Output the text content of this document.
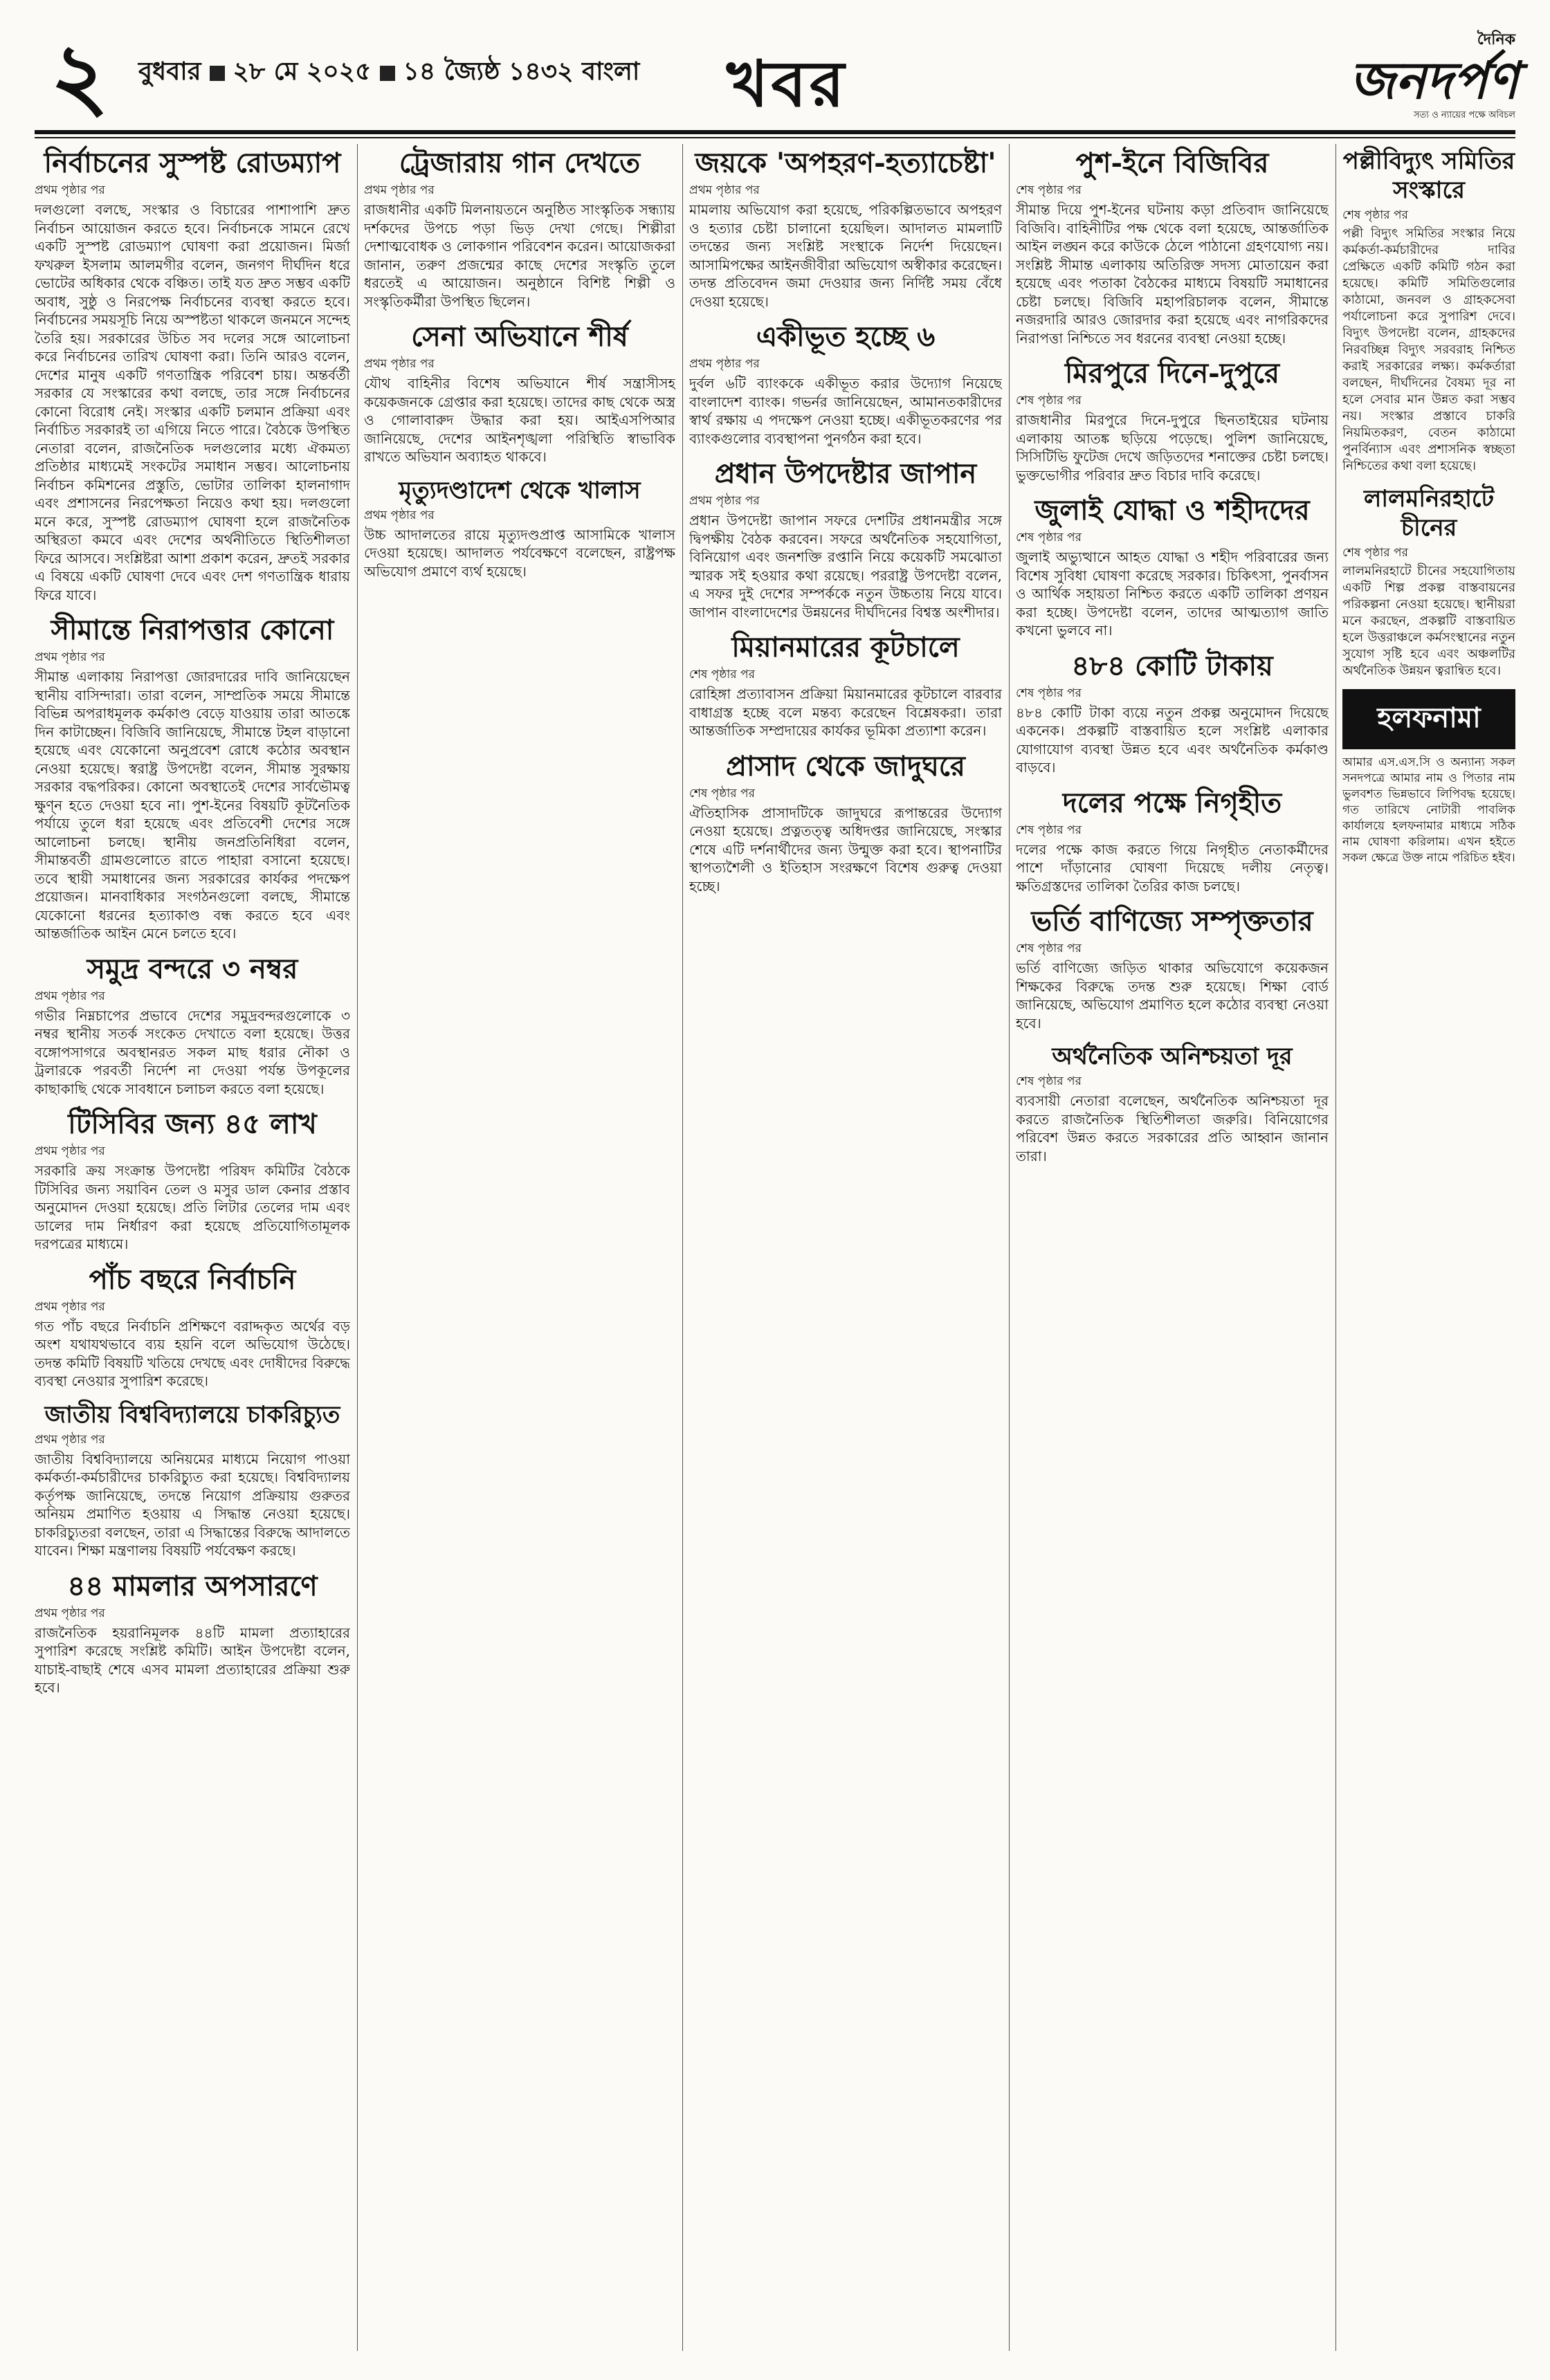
২	বুধবার ২৮ মে ২০২৫ ১৪ জ্যৈষ্ঠ ১৪৩২ বাংলা খবর
দৈনিক
জনদর্পণ
সত্য ও ন্যায়ের পক্ষে অবিচল
নির্বাচনের সুস্পষ্ট রোডম্যাপ
প্রথম পৃষ্ঠার পর

দলগুলো বলছে, সংস্কার ও বিচারের পাশাপাশি দ্রুত নির্বাচন আয়োজন করতে হবে। নির্বাচনকে সামনে রেখে একটি সুস্পষ্ট রোডম্যাপ ঘোষণা করা প্রয়োজন। মির্জা ফখরুল ইসলাম আলমগীর বলেন, জনগণ দীর্ঘদিন ধরে ভোটের অধিকার থেকে বঞ্চিত। তাই যত দ্রুত সম্ভব একটি অবাধ, সুষ্ঠু ও নিরপেক্ষ নির্বাচনের ব্যবস্থা করতে হবে। নির্বাচনের সময়সূচি নিয়ে অস্পষ্টতা থাকলে জনমনে সন্দেহ তৈরি হয়। সরকারের উচিত সব দলের সঙ্গে আলোচনা করে নির্বাচনের তারিখ ঘোষণা করা। তিনি আরও বলেন, দেশের মানুষ একটি গণতান্ত্রিক পরিবেশ চায়। অন্তর্বর্তী সরকার যে সংস্কারের কথা বলছে, তার সঙ্গে নির্বাচনের কোনো বিরোধ নেই। সংস্কার একটি চলমান প্রক্রিয়া এবং নির্বাচিত সরকারই তা এগিয়ে নিতে পারে। বৈঠকে উপস্থিত নেতারা বলেন, রাজনৈতিক দলগুলোর মধ্যে ঐকমত্য প্রতিষ্ঠার মাধ্যমেই সংকটের সমাধান সম্ভব। আলোচনায় নির্বাচন কমিশনের প্রস্তুতি, ভোটার তালিকা হালনাগাদ এবং প্রশাসনের নিরপেক্ষতা নিয়েও কথা হয়। দলগুলো মনে করে, সুস্পষ্ট রোডম্যাপ ঘোষণা হলে রাজনৈতিক অস্থিরতা কমবে এবং দেশের অর্থনীতিতে স্থিতিশীলতা ফিরে আসবে। সংশ্লিষ্টরা আশা প্রকাশ করেন, দ্রুতই সরকার এ বিষয়ে একটি ঘোষণা দেবে এবং দেশ গণতান্ত্রিক ধারায় ফিরে যাবে।

সীমান্তে নিরাপত্তার কোনো
প্রথম পৃষ্ঠার পর

সীমান্ত এলাকায় নিরাপত্তা জোরদারের দাবি জানিয়েছেন স্থানীয় বাসিন্দারা। তারা বলেন, সাম্প্রতিক সময়ে সীমান্তে বিভিন্ন অপরাধমূলক কর্মকাণ্ড বেড়ে যাওয়ায় তারা আতঙ্কে দিন কাটাচ্ছেন। বিজিবি জানিয়েছে, সীমান্তে টহল বাড়ানো হয়েছে এবং যেকোনো অনুপ্রবেশ রোধে কঠোর অবস্থান নেওয়া হয়েছে। স্বরাষ্ট্র উপদেষ্টা বলেন, সীমান্ত সুরক্ষায় সরকার বদ্ধপরিকর। কোনো অবস্থাতেই দেশের সার্বভৌমত্ব ক্ষুণ্ন হতে দেওয়া হবে না। পুশ-ইনের বিষয়টি কূটনৈতিক পর্যায়ে তুলে ধরা হয়েছে এবং প্রতিবেশী দেশের সঙ্গে আলোচনা চলছে। স্থানীয় জনপ্রতিনিধিরা বলেন, সীমান্তবর্তী গ্রামগুলোতে রাতে পাহারা বসানো হয়েছে। তবে স্থায়ী সমাধানের জন্য সরকারের কার্যকর পদক্ষেপ প্রয়োজন। মানবাধিকার সংগঠনগুলো বলছে, সীমান্তে যেকোনো ধরনের হত্যাকাণ্ড বন্ধ করতে হবে এবং আন্তর্জাতিক আইন মেনে চলতে হবে।

সমুদ্র বন্দরে ৩ নম্বর
প্রথম পৃষ্ঠার পর

গভীর নিম্নচাপের প্রভাবে দেশের সমুদ্রবন্দরগুলোকে ৩ নম্বর স্থানীয় সতর্ক সংকেত দেখাতে বলা হয়েছে। উত্তর বঙ্গোপসাগরে অবস্থানরত সকল মাছ ধরার নৌকা ও ট্রলারকে পরবর্তী নির্দেশ না দেওয়া পর্যন্ত উপকূলের কাছাকাছি থেকে সাবধানে চলাচল করতে বলা হয়েছে।

টিসিবির জন্য ৪৫ লাখ
প্রথম পৃষ্ঠার পর

সরকারি ক্রয় সংক্রান্ত উপদেষ্টা পরিষদ কমিটির বৈঠকে টিসিবির জন্য সয়াবিন তেল ও মসুর ডাল কেনার প্রস্তাব অনুমোদন দেওয়া হয়েছে। প্রতি লিটার তেলের দাম এবং ডালের দাম নির্ধারণ করা হয়েছে প্রতিযোগিতামূলক দরপত্রের মাধ্যমে।

পাঁচ বছরে নির্বাচনি
প্রথম পৃষ্ঠার পর

গত পাঁচ বছরে নির্বাচনি প্রশিক্ষণে বরাদ্দকৃত অর্থের বড় অংশ যথাযথভাবে ব্যয় হয়নি বলে অভিযোগ উঠেছে। তদন্ত কমিটি বিষয়টি খতিয়ে দেখছে এবং দোষীদের বিরুদ্ধে ব্যবস্থা নেওয়ার সুপারিশ করেছে।

জাতীয় বিশ্ববিদ্যালয়ে চাকরিচ্যুত
প্রথম পৃষ্ঠার পর

জাতীয় বিশ্ববিদ্যালয়ে অনিয়মের মাধ্যমে নিয়োগ পাওয়া কর্মকর্তা-কর্মচারীদের চাকরিচ্যুত করা হয়েছে। বিশ্ববিদ্যালয় কর্তৃপক্ষ জানিয়েছে, তদন্তে নিয়োগ প্রক্রিয়ায় গুরুতর অনিয়ম প্রমাণিত হওয়ায় এ সিদ্ধান্ত নেওয়া হয়েছে। চাকরিচ্যুতরা বলছেন, তারা এ সিদ্ধান্তের বিরুদ্ধে আদালতে যাবেন। শিক্ষা মন্ত্রণালয় বিষয়টি পর্যবেক্ষণ করছে।

৪৪ মামলার অপসারণে
প্রথম পৃষ্ঠার পর

রাজনৈতিক হয়রানিমূলক ৪৪টি মামলা প্রত্যাহারের সুপারিশ করেছে সংশ্লিষ্ট কমিটি। আইন উপদেষ্টা বলেন, যাচাই-বাছাই শেষে এসব মামলা প্রত্যাহারের প্রক্রিয়া শুরু হবে।

ট্রেজারায় গান দেখতে
প্রথম পৃষ্ঠার পর

রাজধানীর একটি মিলনায়তনে অনুষ্ঠিত সাংস্কৃতিক সন্ধ্যায় দর্শকদের উপচে পড়া ভিড় দেখা গেছে। শিল্পীরা দেশাত্মবোধক ও লোকগান পরিবেশন করেন। আয়োজকরা জানান, তরুণ প্রজন্মের কাছে দেশের সংস্কৃতি তুলে ধরতেই এ আয়োজন। অনুষ্ঠানে বিশিষ্ট শিল্পী ও সংস্কৃতিকর্মীরা উপস্থিত ছিলেন।

সেনা অভিযানে শীর্ষ
প্রথম পৃষ্ঠার পর

যৌথ বাহিনীর বিশেষ অভিযানে শীর্ষ সন্ত্রাসীসহ কয়েকজনকে গ্রেপ্তার করা হয়েছে। তাদের কাছ থেকে অস্ত্র ও গোলাবারুদ উদ্ধার করা হয়। আইএসপিআর জানিয়েছে, দেশের আইনশৃঙ্খলা পরিস্থিতি স্বাভাবিক রাখতে অভিযান অব্যাহত থাকবে।

মৃত্যুদণ্ডাদেশ থেকে খালাস
প্রথম পৃষ্ঠার পর

উচ্চ আদালতের রায়ে মৃত্যুদণ্ডপ্রাপ্ত আসামিকে খালাস দেওয়া হয়েছে। আদালত পর্যবেক্ষণে বলেছেন, রাষ্ট্রপক্ষ অভিযোগ প্রমাণে ব্যর্থ হয়েছে।

জয়কে 'অপহরণ-হত্যাচেষ্টা'
প্রথম পৃষ্ঠার পর

মামলায় অভিযোগ করা হয়েছে, পরিকল্পিতভাবে অপহরণ ও হত্যার চেষ্টা চালানো হয়েছিল। আদালত মামলাটি তদন্তের জন্য সংশ্লিষ্ট সংস্থাকে নির্দেশ দিয়েছেন। আসামিপক্ষের আইনজীবীরা অভিযোগ অস্বীকার করেছেন। তদন্ত প্রতিবেদন জমা দেওয়ার জন্য নির্দিষ্ট সময় বেঁধে দেওয়া হয়েছে।

একীভূত হচ্ছে ৬
প্রথম পৃষ্ঠার পর

দুর্বল ৬টি ব্যাংককে একীভূত করার উদ্যোগ নিয়েছে বাংলাদেশ ব্যাংক। গভর্নর জানিয়েছেন, আমানতকারীদের স্বার্থ রক্ষায় এ পদক্ষেপ নেওয়া হচ্ছে। একীভূতকরণের পর ব্যাংকগুলোর ব্যবস্থাপনা পুনর্গঠন করা হবে।

প্রধান উপদেষ্টার জাপান
প্রথম পৃষ্ঠার পর

প্রধান উপদেষ্টা জাপান সফরে দেশটির প্রধানমন্ত্রীর সঙ্গে দ্বিপক্ষীয় বৈঠক করবেন। সফরে অর্থনৈতিক সহযোগিতা, বিনিয়োগ এবং জনশক্তি রপ্তানি নিয়ে কয়েকটি সমঝোতা স্মারক সই হওয়ার কথা রয়েছে। পররাষ্ট্র উপদেষ্টা বলেন, এ সফর দুই দেশের সম্পর্ককে নতুন উচ্চতায় নিয়ে যাবে। জাপান বাংলাদেশের উন্নয়নের দীর্ঘদিনের বিশ্বস্ত অংশীদার।

মিয়ানমারের কূটচালে
শেষ পৃষ্ঠার পর

রোহিঙ্গা প্রত্যাবাসন প্রক্রিয়া মিয়ানমারের কূটচালে বারবার বাধাগ্রস্ত হচ্ছে বলে মন্তব্য করেছেন বিশ্লেষকরা। তারা আন্তর্জাতিক সম্প্রদায়ের কার্যকর ভূমিকা প্রত্যাশা করেন।

প্রাসাদ থেকে জাদুঘরে
শেষ পৃষ্ঠার পর

ঐতিহাসিক প্রাসাদটিকে জাদুঘরে রূপান্তরের উদ্যোগ নেওয়া হয়েছে। প্রত্নতত্ত্ব অধিদপ্তর জানিয়েছে, সংস্কার শেষে এটি দর্শনার্থীদের জন্য উন্মুক্ত করা হবে। স্থাপনাটির স্থাপত্যশৈলী ও ইতিহাস সংরক্ষণে বিশেষ গুরুত্ব দেওয়া হচ্ছে।

পুশ-ইনে বিজিবির
শেষ পৃষ্ঠার পর

সীমান্ত দিয়ে পুশ-ইনের ঘটনায় কড়া প্রতিবাদ জানিয়েছে বিজিবি। বাহিনীটির পক্ষ থেকে বলা হয়েছে, আন্তর্জাতিক আইন লঙ্ঘন করে কাউকে ঠেলে পাঠানো গ্রহণযোগ্য নয়। সংশ্লিষ্ট সীমান্ত এলাকায় অতিরিক্ত সদস্য মোতায়েন করা হয়েছে এবং পতাকা বৈঠকের মাধ্যমে বিষয়টি সমাধানের চেষ্টা চলছে। বিজিবি মহাপরিচালক বলেন, সীমান্তে নজরদারি আরও জোরদার করা হয়েছে এবং নাগরিকদের নিরাপত্তা নিশ্চিতে সব ধরনের ব্যবস্থা নেওয়া হচ্ছে।

মিরপুরে দিনে-দুপুরে
শেষ পৃষ্ঠার পর

রাজধানীর মিরপুরে দিনে-দুপুরে ছিনতাইয়ের ঘটনায় এলাকায় আতঙ্ক ছড়িয়ে পড়েছে। পুলিশ জানিয়েছে, সিসিটিভি ফুটেজ দেখে জড়িতদের শনাক্তের চেষ্টা চলছে। ভুক্তভোগীর পরিবার দ্রুত বিচার দাবি করেছে।

জুলাই যোদ্ধা ও শহীদদের
শেষ পৃষ্ঠার পর

জুলাই অভ্যুত্থানে আহত যোদ্ধা ও শহীদ পরিবারের জন্য বিশেষ সুবিধা ঘোষণা করেছে সরকার। চিকিৎসা, পুনর্বাসন ও আর্থিক সহায়তা নিশ্চিত করতে একটি তালিকা প্রণয়ন করা হচ্ছে। উপদেষ্টা বলেন, তাদের আত্মত্যাগ জাতি কখনো ভুলবে না।

৪৮৪ কোটি টাকায়
শেষ পৃষ্ঠার পর

৪৮৪ কোটি টাকা ব্যয়ে নতুন প্রকল্প অনুমোদন দিয়েছে একনেক। প্রকল্পটি বাস্তবায়িত হলে সংশ্লিষ্ট এলাকার যোগাযোগ ব্যবস্থা উন্নত হবে এবং অর্থনৈতিক কর্মকাণ্ড বাড়বে।

দলের পক্ষে নিগৃহীত
শেষ পৃষ্ঠার পর

দলের পক্ষে কাজ করতে গিয়ে নিগৃহীত নেতাকর্মীদের পাশে দাঁড়ানোর ঘোষণা দিয়েছে দলীয় নেতৃত্ব। ক্ষতিগ্রস্তদের তালিকা তৈরির কাজ চলছে।

ভর্তি বাণিজ্যে সম্পৃক্ততার
শেষ পৃষ্ঠার পর

ভর্তি বাণিজ্যে জড়িত থাকার অভিযোগে কয়েকজন শিক্ষকের বিরুদ্ধে তদন্ত শুরু হয়েছে। শিক্ষা বোর্ড জানিয়েছে, অভিযোগ প্রমাণিত হলে কঠোর ব্যবস্থা নেওয়া হবে।

অর্থনৈতিক অনিশ্চয়তা দূর
শেষ পৃষ্ঠার পর

ব্যবসায়ী নেতারা বলেছেন, অর্থনৈতিক অনিশ্চয়তা দূর করতে রাজনৈতিক স্থিতিশীলতা জরুরি। বিনিয়োগের পরিবেশ উন্নত করতে সরকারের প্রতি আহ্বান জানান তারা।

পল্লীবিদ্যুৎ সমিতির সংস্কারে
শেষ পৃষ্ঠার পর

পল্লী বিদ্যুৎ সমিতির সংস্কার নিয়ে কর্মকর্তা-কর্মচারীদের দাবির প্রেক্ষিতে একটি কমিটি গঠন করা হয়েছে। কমিটি সমিতিগুলোর কাঠামো, জনবল ও গ্রাহকসেবা পর্যালোচনা করে সুপারিশ দেবে। বিদ্যুৎ উপদেষ্টা বলেন, গ্রাহকদের নিরবচ্ছিন্ন বিদ্যুৎ সরবরাহ নিশ্চিত করাই সরকারের লক্ষ্য। কর্মকর্তারা বলছেন, দীর্ঘদিনের বৈষম্য দূর না হলে সেবার মান উন্নত করা সম্ভব নয়। সংস্কার প্রস্তাবে চাকরি নিয়মিতকরণ, বেতন কাঠামো পুনর্বিন্যাস এবং প্রশাসনিক স্বচ্ছতা নিশ্চিতের কথা বলা হয়েছে।

লালমনিরহাটে চীনের
শেষ পৃষ্ঠার পর

লালমনিরহাটে চীনের সহযোগিতায় একটি শিল্প প্রকল্প বাস্তবায়নের পরিকল্পনা নেওয়া হয়েছে। স্থানীয়রা মনে করছেন, প্রকল্পটি বাস্তবায়িত হলে উত্তরাঞ্চলে কর্মসংস্থানের নতুন সুযোগ সৃষ্টি হবে এবং অঞ্চলটির অর্থনৈতিক উন্নয়ন ত্বরান্বিত হবে।

হলফনামা

আমার এস.এস.সি ও অন্যান্য সকল সনদপত্রে আমার নাম ও পিতার নাম ভুলবশত ভিন্নভাবে লিপিবদ্ধ হয়েছে। গত তারিখে নোটারী পাবলিক কার্যালয়ে হলফনামার মাধ্যমে সঠিক নাম ঘোষণা করিলাম। এখন হইতে সকল ক্ষেত্রে উক্ত নামে পরিচিত হইব।
